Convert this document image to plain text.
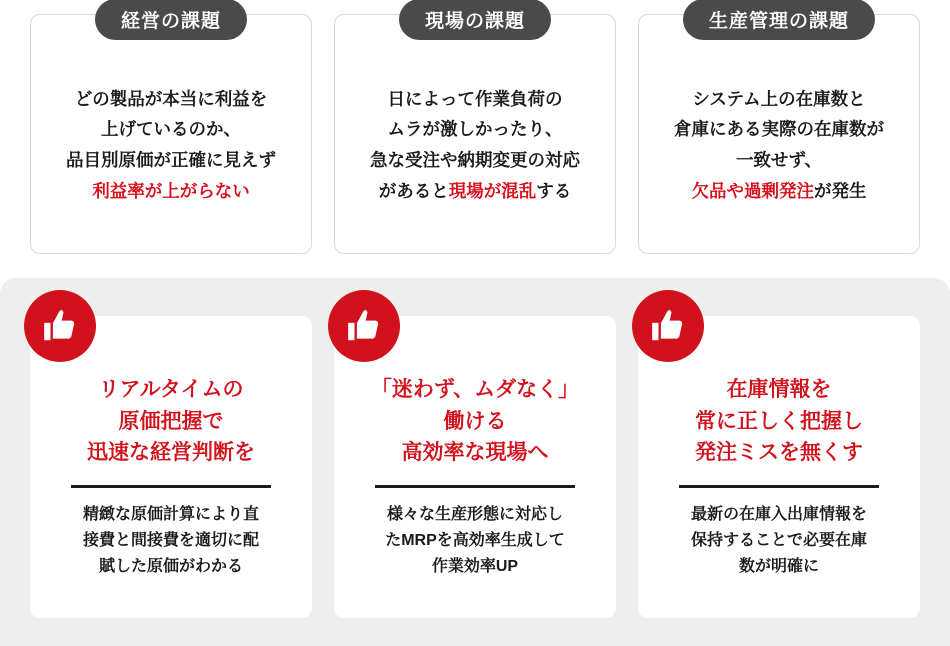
経営の課題
どの製品が本当に利益を
上げているのか、
品目別原価が正確に見えず
利益率が上がらない
現場の課題
日によって作業負荷の
ムラが激しかったり、
急な受注や納期変更の対応
があると現場が混乱する
生産管理の課題
システム上の在庫数と
倉庫にある実際の在庫数が
一致せず、
欠品や過剰発注が発生
リアルタイムの
原価把握で
迅速な経営判断を
精緻な原価計算により直
接費と間接費を適切に配
賦した原価がわかる
「迷わず、ムダなく」
働ける
高効率な現場へ
様々な生産形態に対応し
たMRPを高効率生成して
作業効率UP
在庫情報を
常に正しく把握し
発注ミスを無くす
最新の在庫入出庫情報を
保持することで必要在庫
数が明確に
